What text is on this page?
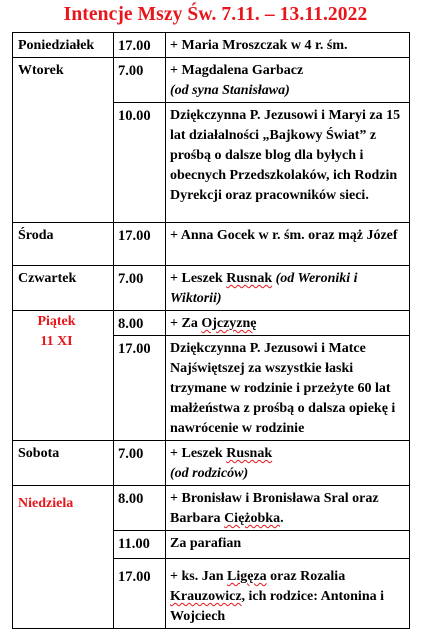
Intencje Mszy Św. 7.11. – 13.11.2022
Poniedziałek	17.00	+ Maria Mroszczak w 4 r. śm.
Wtorek	7.00	+ Magdalena Garbacz
(od syna Stanisława)
	10.00	Dziękczynna P. Jezusowi i Maryi za 15 lat działalności „Bajkowy Świat” z prośbą o dalsze blog dla byłych i obecnych Przedszkolaków, ich Rodzin Dyrekcji oraz pracowników sieci.
Środa	17.00	+ Anna Gocek w r. śm. oraz mąż Józef
Czwartek	7.00	+ Leszek Rusnak (od Weroniki i Wiktorii)

Piątek
11 XI	8.00	+ Za Ojczyznę
	17.00	Dziękczynna P. Jezusowi i Matce Najświętszej za wszystkie łaski trzymane w rodzinie i przeżyte 60 lat małżeństwa z prośbą o dalsza opiekę i nawrócenie w rodzinie
Sobota	7.00	+ Leszek Rusnak
(od rodziców)
Niedziela	8.00	+ Bronisław i Bronisława Sral oraz Barbara Ciężobka.
	11.00	Za parafian
	17.00	+ ks. Jan Ligęza oraz Rozalia Krauzowicz, ich rodzice: Antonina i Wojciech
